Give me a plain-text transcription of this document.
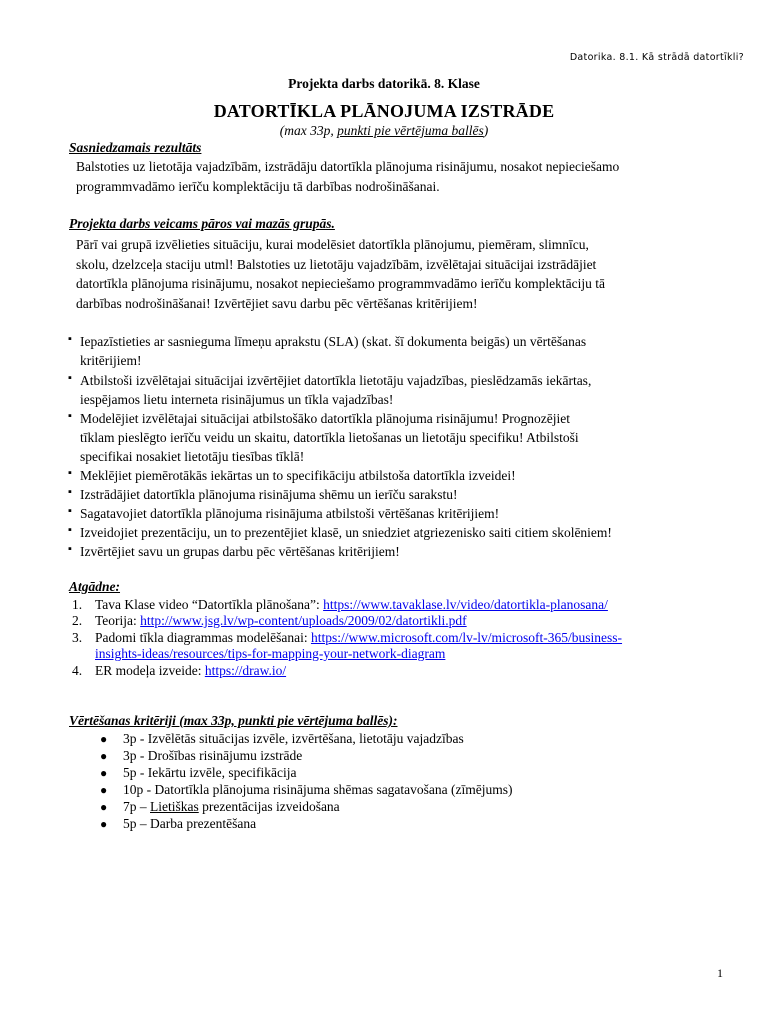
Datorika. 8.1. Kā strādā datortīkli?
Projekta darbs datorikā. 8. Klase
DATORTĪKLA PLĀNOJUMA IZSTRĀDE
(max 33p, punkti pie vērtējuma ballēs)
Sasniedzamais rezultāts
Balstoties uz lietotāja vajadzībām, izstrādāju datortīkla plānojuma risinājumu, nosakot nepieciešamo
programmvadāmo ierīču komplektāciju tā darbības nodrošināšanai.
Projekta darbs veicams pāros vai mazās grupās.
Pārī vai grupā izvēlieties situāciju, kurai modelēsiet datortīkla plānojumu, piemēram, slimnīcu,
skolu, dzelzceļa staciju utml! Balstoties uz lietotāju vajadzībām, izvēlētajai situācijai izstrādājiet
datortīkla plānojuma risinājumu, nosakot nepieciešamo programmvadāmo ierīču komplektāciju tā
darbības nodrošināšanai! Izvērtējiet savu darbu pēc vērtēšanas kritērijiem!
▪ Iepazīstieties ar sasnieguma līmeņu aprakstu (SLA) (skat. šī dokumenta beigās) un vērtēšanas
kritērijiem!
▪ Atbilstoši izvēlētajai situācijai izvērtējiet datortīkla lietotāju vajadzības, pieslēdzamās iekārtas,
iespējamos lietu interneta risinājumus un tīkla vajadzības!
▪ Modelējiet izvēlētajai situācijai atbilstošāko datortīkla plānojuma risinājumu! Prognozējiet
tīklam pieslēgto ierīču veidu un skaitu, datortīkla lietošanas un lietotāju specifiku! Atbilstoši
specifikai nosakiet lietotāju tiesības tīklā!
▪ Meklējiet piemērotākās iekārtas un to specifikāciju atbilstoša datortīkla izveidei!
▪ Izstrādājiet datortīkla plānojuma risinājuma shēmu un ierīču sarakstu!
▪ Sagatavojiet datortīkla plānojuma risinājuma atbilstoši vērtēšanas kritērijiem!
▪ Izveidojiet prezentāciju, un to prezentējiet klasē, un sniedziet atgriezenisko saiti citiem skolēniem!
▪ Izvērtējiet savu un grupas darbu pēc vērtēšanas kritērijiem!
Atgādne:
1. Tava Klase video “Datortīkla plānošana”: https://www.tavaklase.lv/video/datortikla-planosana/
2. Teorija: http://www.jsg.lv/wp-content/uploads/2009/02/datortikli.pdf
3. Padomi tīkla diagrammas modelēšanai: https://www.microsoft.com/lv-lv/microsoft-365/business-
insights-ideas/resources/tips-for-mapping-your-network-diagram
4. ER modeļa izveide: https://draw.io/
Vērtēšanas kritēriji (max 33p, punkti pie vērtējuma ballēs):
● 3p - Izvēlētās situācijas izvēle, izvērtēšana, lietotāju vajadzības
● 3p - Drošības risinājumu izstrāde
● 5p - Iekārtu izvēle, specifikācija
● 10p - Datortīkla plānojuma risinājuma shēmas sagatavošana (zīmējums)
● 7p – Lietiškas prezentācijas izveidošana
● 5p – Darba prezentēšana
1
